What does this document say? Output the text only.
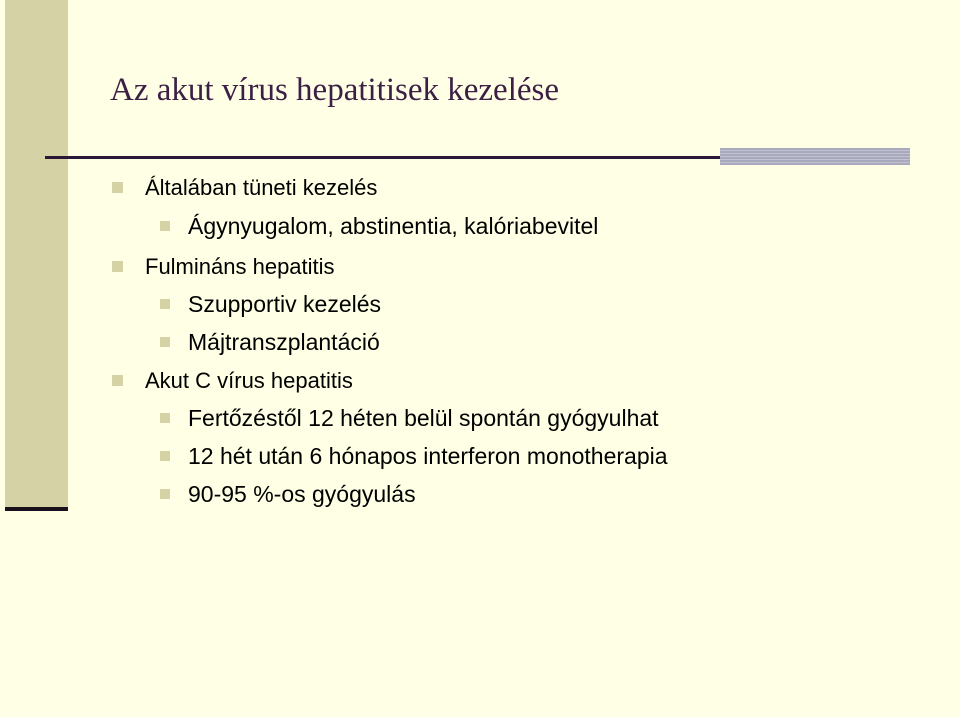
Az akut vírus hepatitisek kezelése
Általában tüneti kezelés
Ágynyugalom, abstinentia, kalóriabevitel
Fulmináns hepatitis
Szupportiv kezelés
Májtranszplantáció
Akut C vírus hepatitis
Fertőzéstől 12 héten belül spontán gyógyulhat
12 hét után 6 hónapos interferon monotherapia
90-95 %-os gyógyulás
